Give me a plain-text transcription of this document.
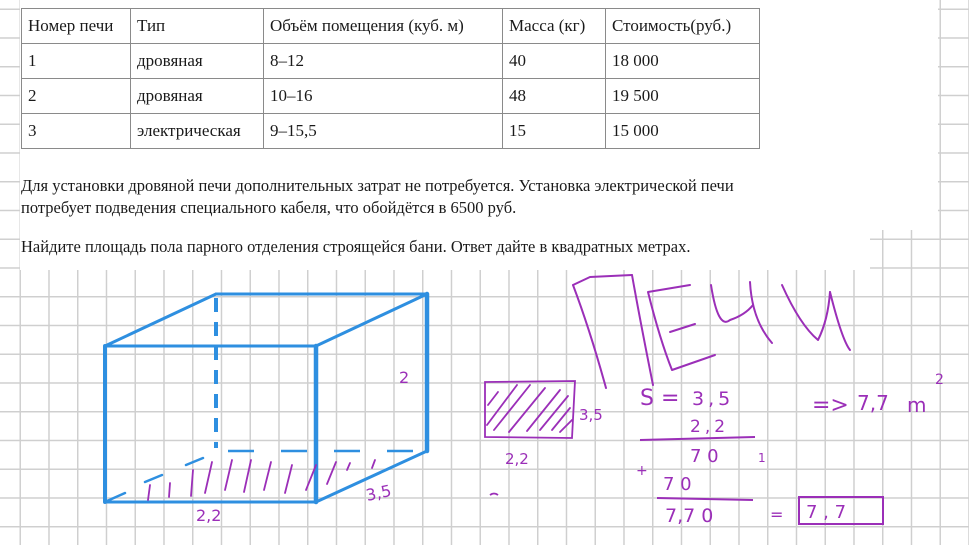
Номер печи	Тип	Объём помещения (куб. м)	Масса (кг)	Стоимость(руб.)
1	дровяная	8–12	40	18 000
2	дровяная	10–16	48	19 500
3	электрическая	9–15,5	15	15 000
Для установки дровяной печи дополнительных затрат не потребуется. Установка электрической печи
потребует подведения специального кабеля, что обойдётся в 6500 руб.
Найдите площадь пола парного отделения строящейся бани. Ответ дайте в квадратных метрах.
2
3,5
2,2
3,5
2,2
S = 3,5
2,2
7 0	1
+
7 0
7,7 0	= 7 , 7
=> 7,7 m
2
